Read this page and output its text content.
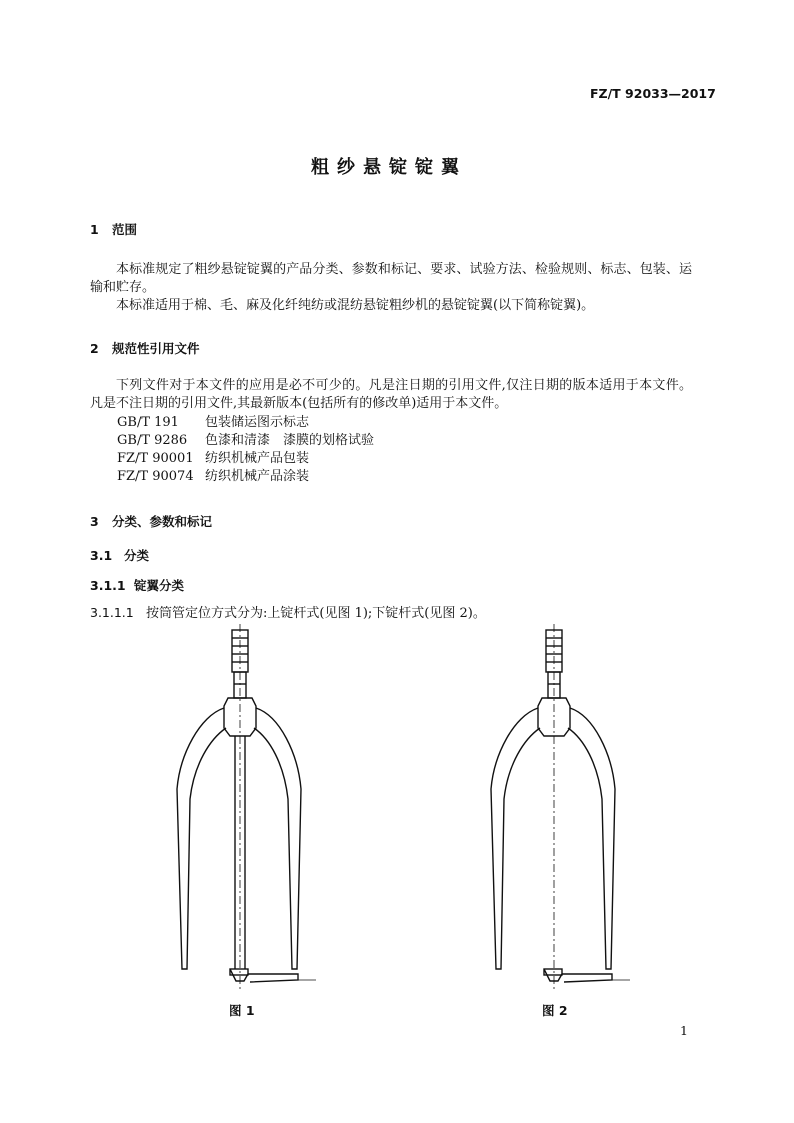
FZ/T 92033—2017
粗纱悬锭锭翼
1 范围
本标准规定了粗纱悬锭锭翼的产品分类、参数和标记、要求、试验方法、检验规则、标志、包装、运输和贮存。
本标准适用于棉、毛、麻及化纤纯纺或混纺悬锭粗纱机的悬锭锭翼(以下简称锭翼)。
2 规范性引用文件
下列文件对于本文件的应用是必不可少的。凡是注日期的引用文件,仅注日期的版本适用于本文件。凡是不注日期的引用文件,其最新版本(包括所有的修改单)适用于本文件。
GB/T 191 包装储运图示标志
GB/T 9286 色漆和清漆　漆膜的划格试验
FZ/T 90001 纺织机械产品包装
FZ/T 90074 纺织机械产品涂装
3 分类、参数和标记
3.1 分类
3.1.1 锭翼分类
3.1.1.1 按筒管定位方式分为:上锭杆式(见图 1);下锭杆式(见图 2)。
图 1	图 2
1
